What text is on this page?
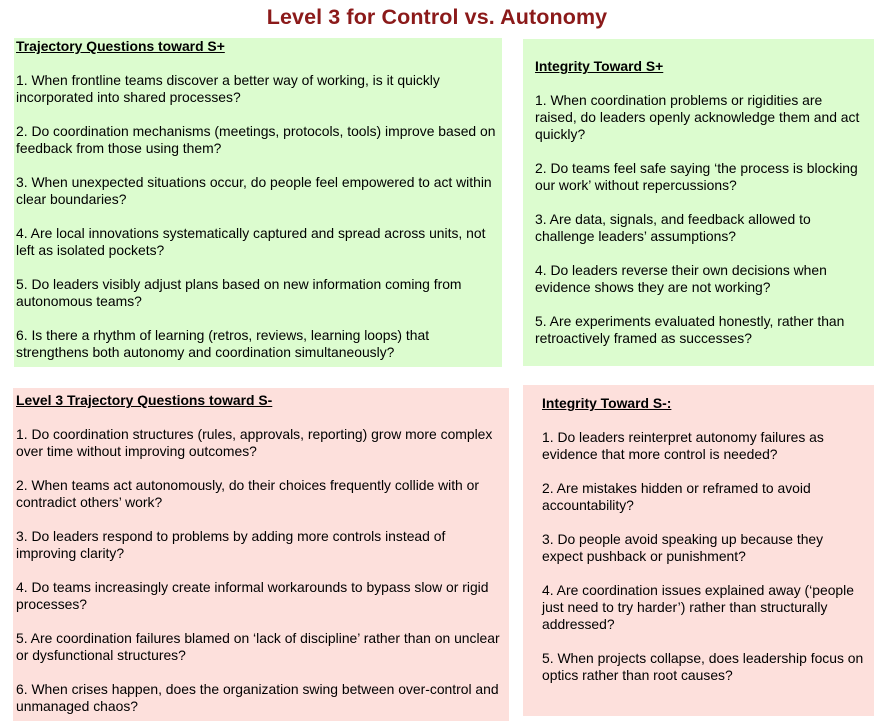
Level 3 for Control vs. Autonomy

Trajectory Questions toward S+

1. When frontline teams discover a better way of working, is it quickly incorporated into shared processes?

2. Do coordination mechanisms (meetings, protocols, tools) improve based on feedback from those using them?

3. When unexpected situations occur, do people feel empowered to act within clear boundaries?

4. Are local innovations systematically captured and spread across units, not left as isolated pockets?

5. Do leaders visibly adjust plans based on new information coming from autonomous teams?

6. Is there a rhythm of learning (retros, reviews, learning loops) that strengthens both autonomy and coordination simultaneously?

Integrity Toward S+

1. When coordination problems or rigidities are raised, do leaders openly acknowledge them and act quickly?

2. Do teams feel safe saying ‘the process is blocking our work’ without repercussions?

3. Are data, signals, and feedback allowed to challenge leaders’ assumptions?

4. Do leaders reverse their own decisions when evidence shows they are not working?

5. Are experiments evaluated honestly, rather than retroactively framed as successes?

Level 3 Trajectory Questions toward S-

1. Do coordination structures (rules, approvals, reporting) grow more complex over time without improving outcomes?

2. When teams act autonomously, do their choices frequently collide with or contradict others’ work?

3. Do leaders respond to problems by adding more controls instead of improving clarity?

4. Do teams increasingly create informal workarounds to bypass slow or rigid processes?

5. Are coordination failures blamed on ‘lack of discipline’ rather than on unclear or dysfunctional structures?

6. When crises happen, does the organization swing between over-control and unmanaged chaos?

Integrity Toward S-:

1. Do leaders reinterpret autonomy failures as evidence that more control is needed?

2. Are mistakes hidden or reframed to avoid accountability?

3. Do people avoid speaking up because they expect pushback or punishment?

4. Are coordination issues explained away (‘people just need to try harder’) rather than structurally addressed?

5. When projects collapse, does leadership focus on optics rather than root causes?
